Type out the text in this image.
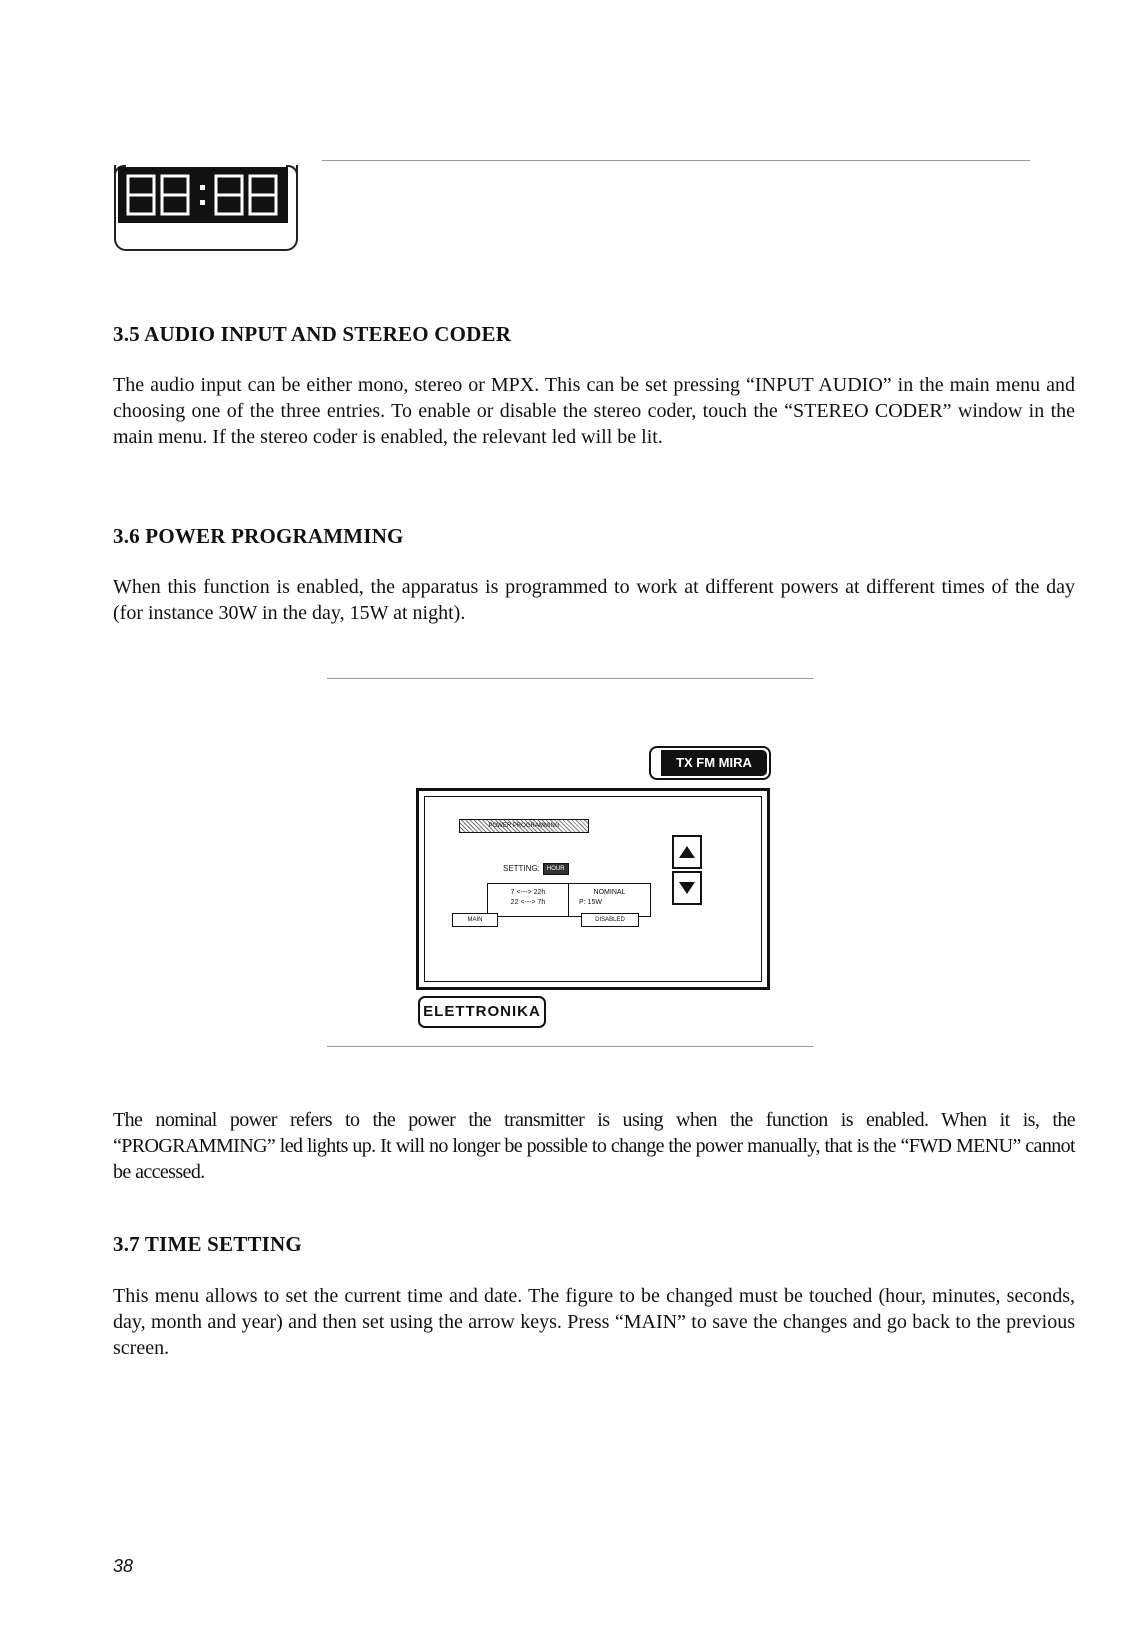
3.5 AUDIO INPUT AND STEREO CODER

The audio input can be either mono, stereo or MPX. This can be set pressing “INPUT AUDIO” in the main menu and choosing one of the three entries. To enable or disable the stereo coder, touch the “STEREO CODER” window in the main menu. If the stereo coder is enabled, the relevant led will be lit.

3.6 POWER PROGRAMMING

When this function is enabled, the apparatus is programmed to work at different powers at different times of the day (for instance 30W in the day, 15W at night).

TX FM MIRA
POWER PROGRAMMING
SETTING: HOUR
7 <---> 22h
22 <---> 7h
NOMINAL
P: 15W
MAIN	DISABLED
ELETTRONIKA

The nominal power refers to the power the transmitter is using when the function is enabled. When it is, the “PROGRAMMING” led lights up. It will no longer be possible to change the power manually, that is the “FWD MENU” cannot be accessed.

3.7 TIME SETTING

This menu allows to set the current time and date. The figure to be changed must be touched (hour, minutes, seconds, day, month and year) and then set using the arrow keys. Press “MAIN” to save the changes and go back to the previous screen.

38
